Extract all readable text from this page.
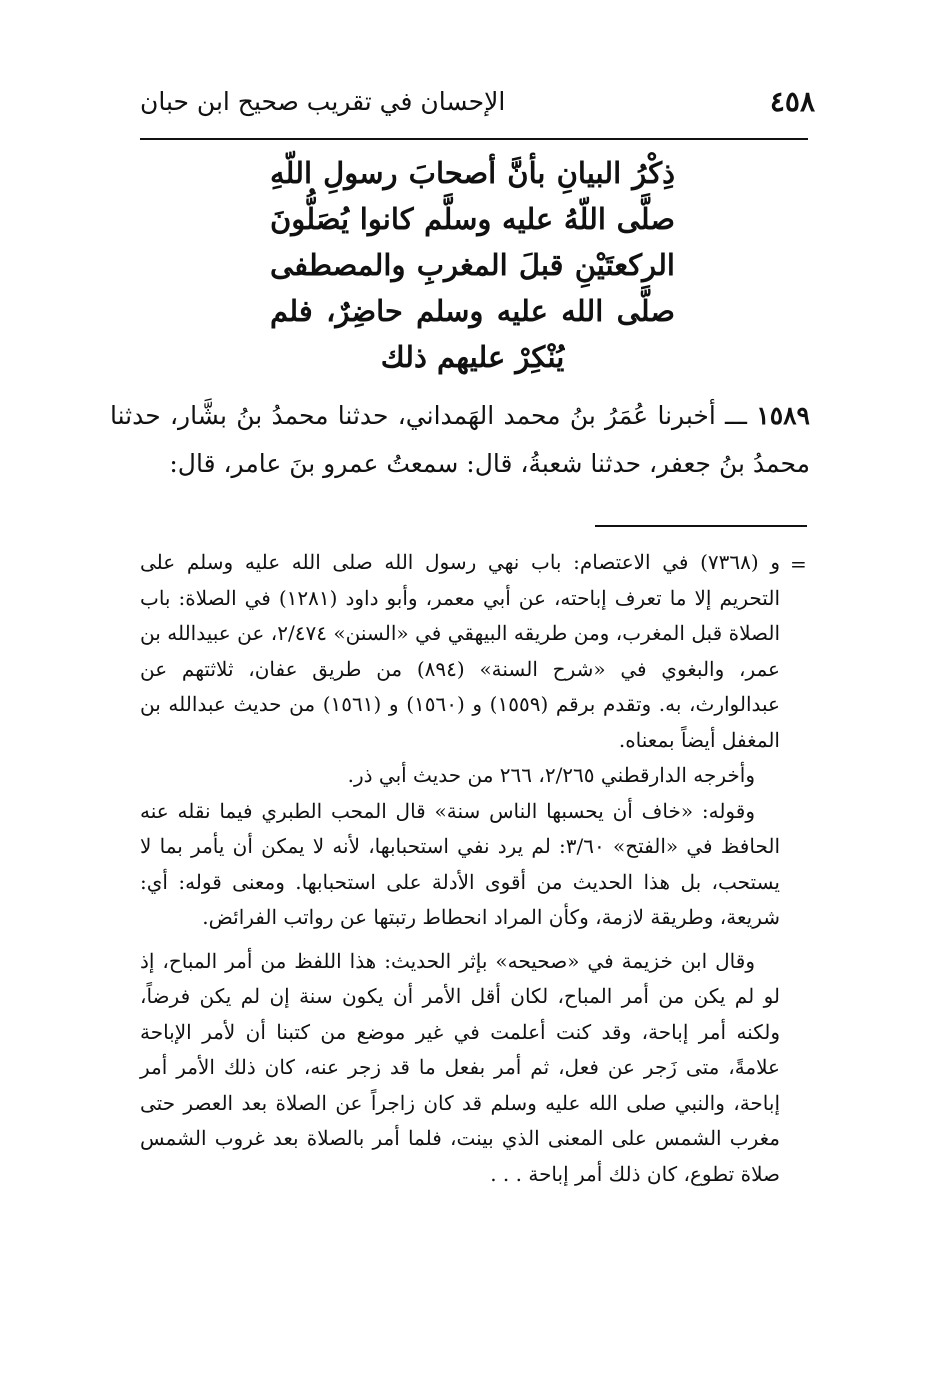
٤٥٨
الإحسان في تقريب صحيح ابن حبان
ذِكْرُ البيانِ بأنَّ أصحابَ رسولِ اللّهِ صلَّى اللّهُ عليه وسلَّم كانوا يُصَلُّونَ الركعتَيْنِ قبلَ المغربِ والمصطفى صلَّى الله عليه وسلم حاضِرٌ، فلم يُنْكِرْ عليهم ذلك
١٥٨٩ ـــ أخبرنا عُمَرُ بنُ محمد الهَمداني، حدثنا محمدُ بنُ بشَّار، حدثنا محمدُ بنُ جعفر، حدثنا شعبةُ، قال: سمعتُ عمرو بنَ عامر، قال:
=

و (٧٣٦٨) في الاعتصام: باب نهي رسول الله صلى الله عليه وسلم على التحريم إلا ما تعرف إباحته، عن أبي معمر، وأبو داود (١٢٨١) في الصلاة: باب الصلاة قبل المغرب، ومن طريقه البيهقي في «السنن» ٢/٤٧٤، عن عبيدالله بن عمر، والبغوي في «شرح السنة» (٨٩٤) من طريق عفان، ثلاثتهم عن عبدالوارث، به. وتقدم برقم (١٥٥٩) و (١٥٦٠) و (١٥٦١) من حديث عبدالله بن المغفل أيضاً بمعناه.

وأخرجه الدارقطني ٢/٢٦٥، ٢٦٦ من حديث أبي ذر.

وقوله: «خاف أن يحسبها الناس سنة» قال المحب الطبري فيما نقله عنه الحافظ في «الفتح» ٣/٦٠: لم يرد نفي استحبابها، لأنه لا يمكن أن يأمر بما لا يستحب، بل هذا الحديث من أقوى الأدلة على استحبابها. ومعنى قوله: أي: شريعة، وطريقة لازمة، وكأن المراد انحطاط رتبتها عن رواتب الفرائض.

وقال ابن خزيمة في «صحيحه» بإثر الحديث: هذا اللفظ من أمر المباح، إذ لو لم يكن من أمر المباح، لكان أقل الأمر أن يكون سنة إن لم يكن فرضاً، ولكنه أمر إباحة، وقد كنت أعلمت في غير موضع من كتبنا أن لأمر الإباحة علامةً، متى زَجر عن فعل، ثم أمر بفعل ما قد زجر عنه، كان ذلك الأمر أمر إباحة، والنبي صلى الله عليه وسلم قد كان زاجراً عن الصلاة بعد العصر حتى مغرب الشمس على المعنى الذي بينت، فلما أمر بالصلاة بعد غروب الشمس صلاة تطوع، كان ذلك أمر إباحة . . .
